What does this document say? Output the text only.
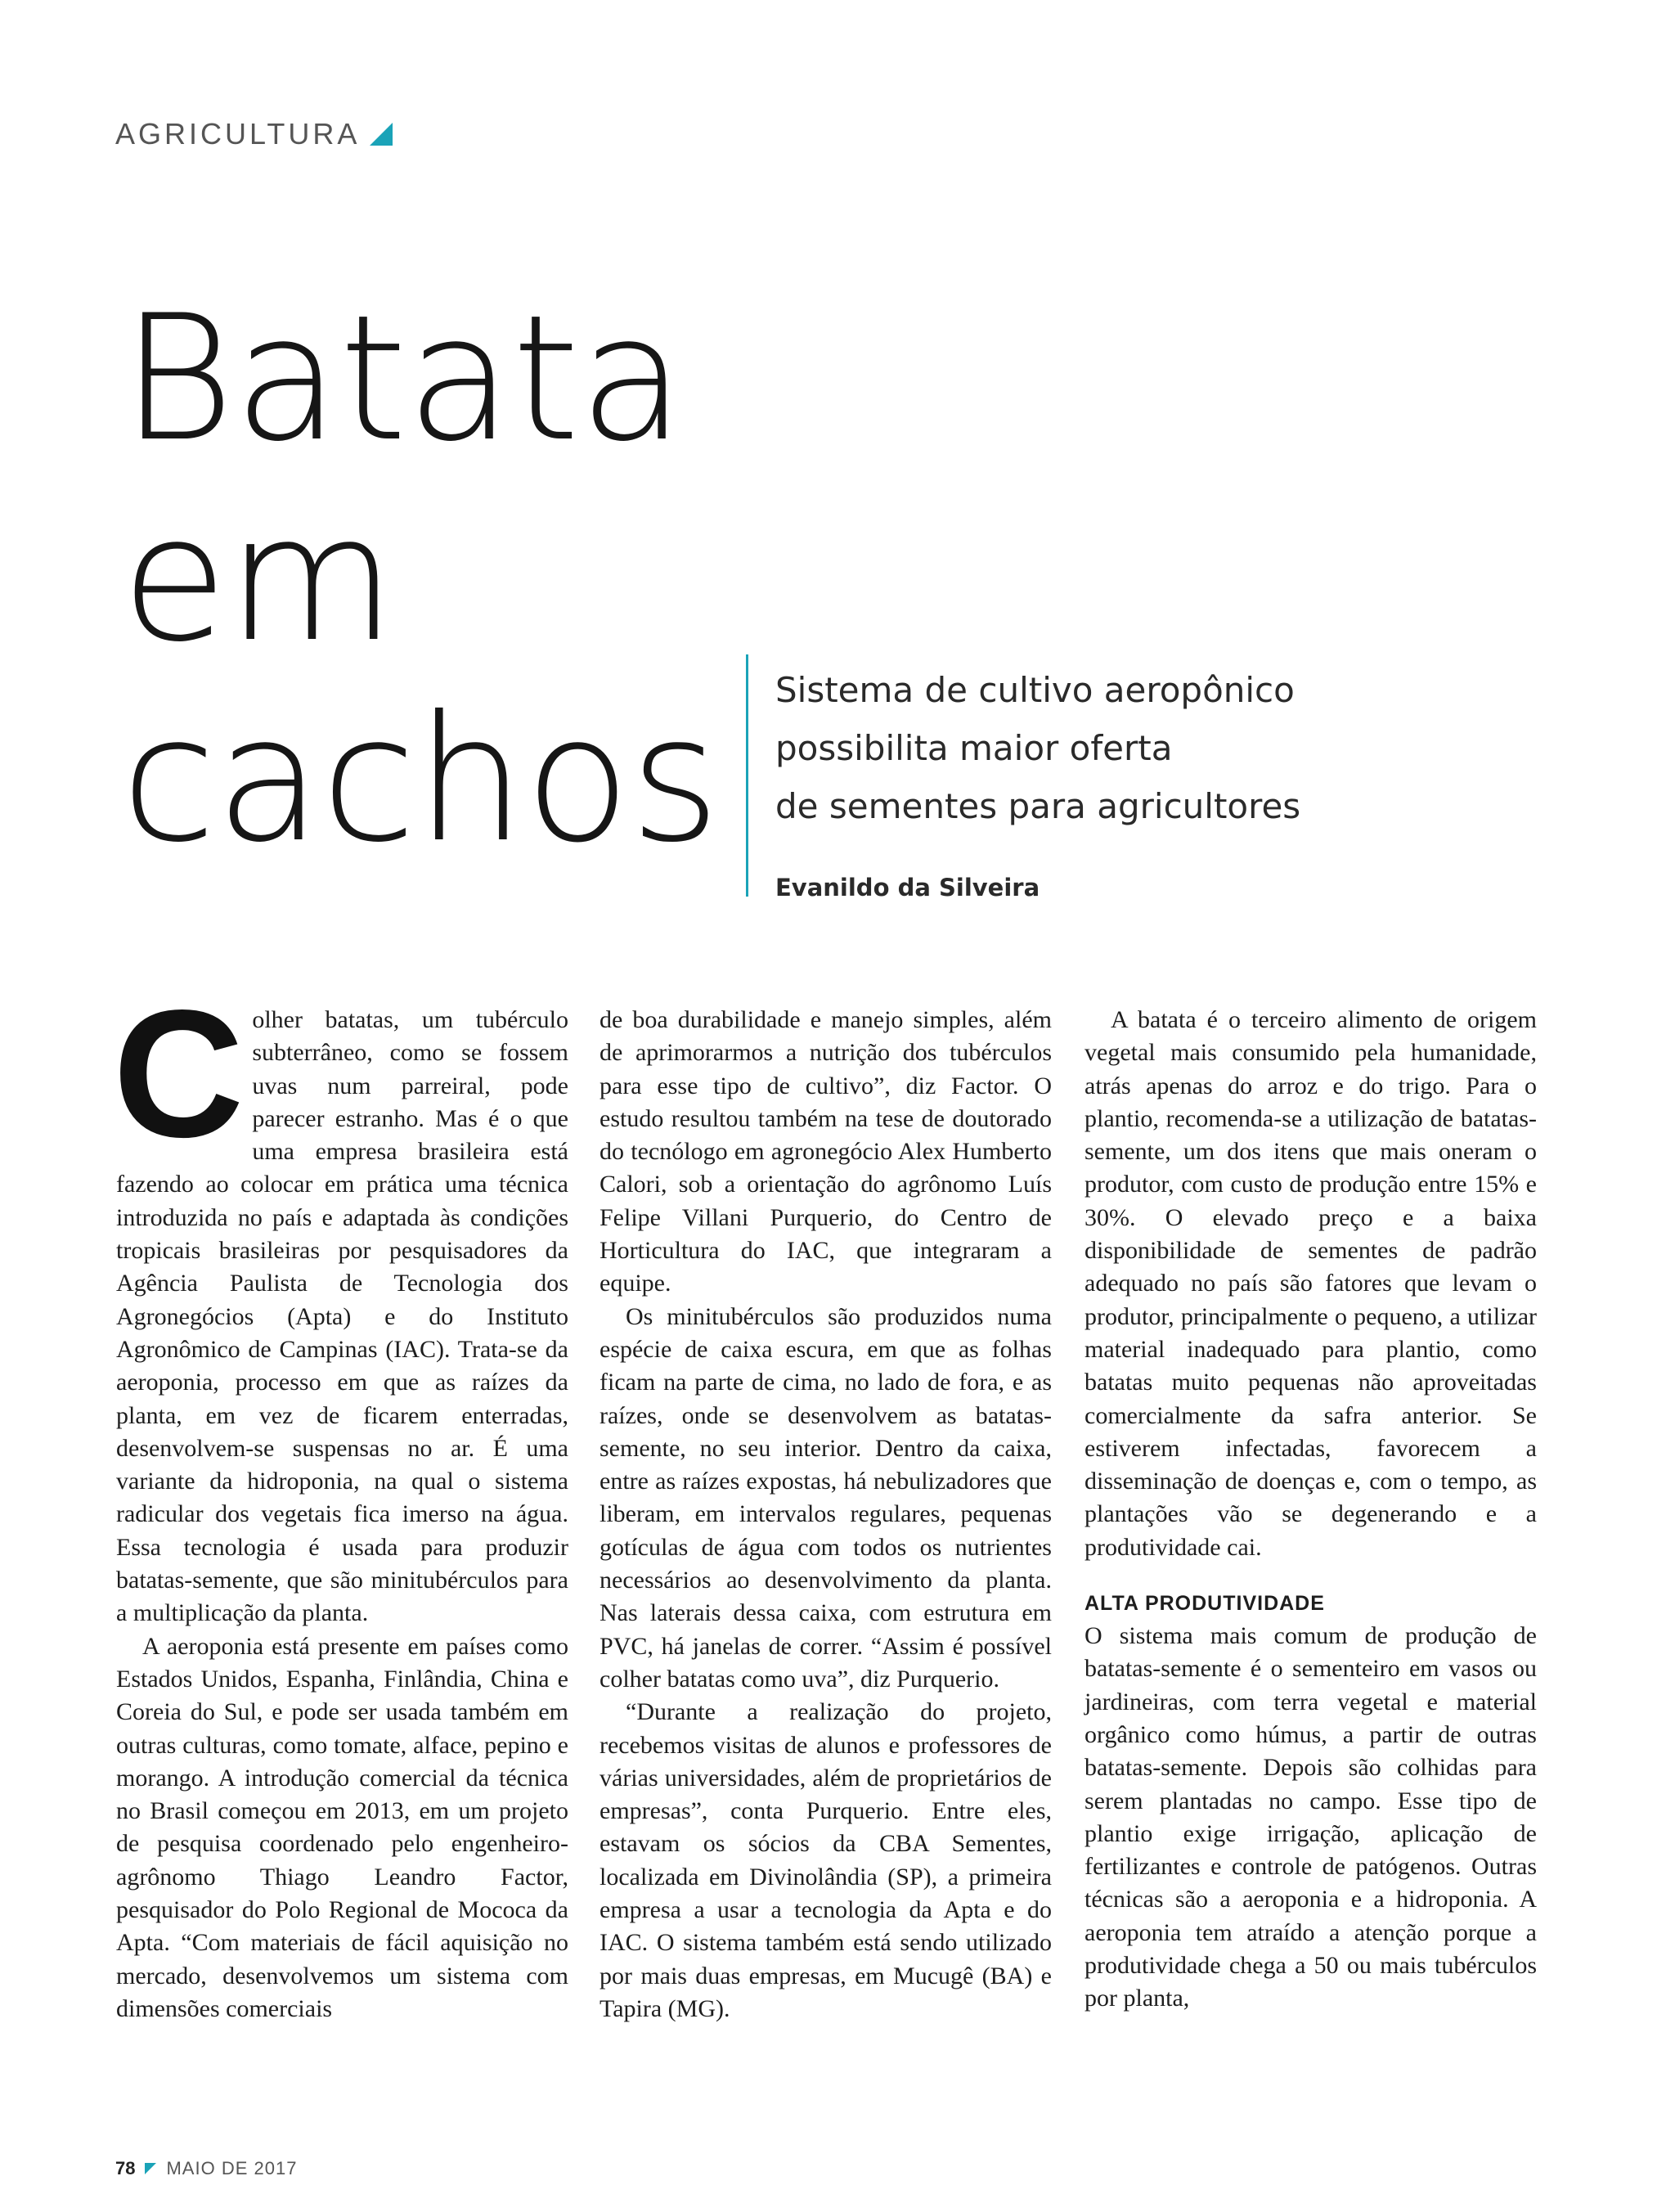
AGRICULTURA
Batata
em
cachos	Sistema de cultivo aeropônico
possibilita maior oferta
de sementes para agricultores
Evanildo da Silveira
C olher batatas, um tubérculo subterrâneo, como se fossem uvas num parreiral, pode parecer estranho. Mas é o que uma empresa brasileira está fazendo ao colocar em prática uma técnica introduzida no país e adaptada às condições tropicais brasileiras por pesquisadores da Agência Paulista de Tecnologia dos Agronegócios (Apta) e do Instituto Agronômico de Campinas (IAC). Trata-se da aeroponia, processo em que as raízes da planta, em vez de ficarem enterradas, desenvolvem-se suspensas no ar. É uma variante da hidroponia, na qual o sistema radicular dos vegetais fica imerso na água. Essa tecnologia é usada para produzir batatas-semente, que são minitubérculos para a multiplicação da planta.

A aeroponia está presente em países como Estados Unidos, Espanha, Finlândia, China e Coreia do Sul, e pode ser usada também em outras culturas, como tomate, alface, pepino e morango. A introdução comercial da técnica no Brasil começou em 2013, em um projeto de pesquisa coordenado pelo engenheiro-agrônomo Thiago Leandro Factor, pesquisador do Polo Regional de Mococa da Apta. “Com materiais de fácil aquisição no mercado, desenvolvemos um sistema com dimensões comerciais

de boa durabilidade e manejo simples, além de aprimorarmos a nutrição dos tubérculos para esse tipo de cultivo”, diz Factor. O estudo resultou também na tese de doutorado do tecnólogo em agronegócio Alex Humberto Calori, sob a orientação do agrônomo Luís Felipe Villani Purquerio, do Centro de Horticultura do IAC, que integraram a equipe.

Os minitubérculos são produzidos numa espécie de caixa escura, em que as folhas ficam na parte de cima, no lado de fora, e as raízes, onde se desenvolvem as batatas-semente, no seu interior. Dentro da caixa, entre as raízes expostas, há nebulizadores que liberam, em intervalos regulares, pequenas gotículas de água com todos os nutrientes necessários ao desenvolvimento da planta. Nas laterais dessa caixa, com estrutura em PVC, há janelas de correr. “Assim é possível colher batatas como uva”, diz Purquerio.

“Durante a realização do projeto, recebemos visitas de alunos e professores de várias universidades, além de proprietários de empresas”, conta Purquerio. Entre eles, estavam os sócios da CBA Sementes, localizada em Divinolândia (SP), a primeira empresa a usar a tecnologia da Apta e do IAC. O sistema também está sendo utilizado por mais duas empresas, em Mucugê (BA) e Tapira (MG).

A batata é o terceiro alimento de origem vegetal mais consumido pela humanidade, atrás apenas do arroz e do trigo. Para o plantio, recomenda-se a utilização de batatas-semente, um dos itens que mais oneram o produtor, com custo de produção entre 15% e 30%. O elevado preço e a baixa disponibilidade de sementes de padrão adequado no país são fatores que levam o produtor, principalmente o pequeno, a utilizar material inadequado para plantio, como batatas muito pequenas não aproveitadas comercialmente da safra anterior. Se estiverem infectadas, favorecem a disseminação de doenças e, com o tempo, as plantações vão se degenerando e a produtividade cai.

ALTA PRODUTIVIDADE

O sistema mais comum de produção de batatas-semente é o sementeiro em vasos ou jardineiras, com terra vegetal e material orgânico como húmus, a partir de outras batatas-semente. Depois são colhidas para serem plantadas no campo. Esse tipo de plantio exige irrigação, aplicação de fertilizantes e controle de patógenos. Outras técnicas são a aeroponia e a hidroponia. A aeroponia tem atraído a atenção porque a produtividade chega a 50 ou mais tubérculos por planta,

78 MAIO DE 2017
